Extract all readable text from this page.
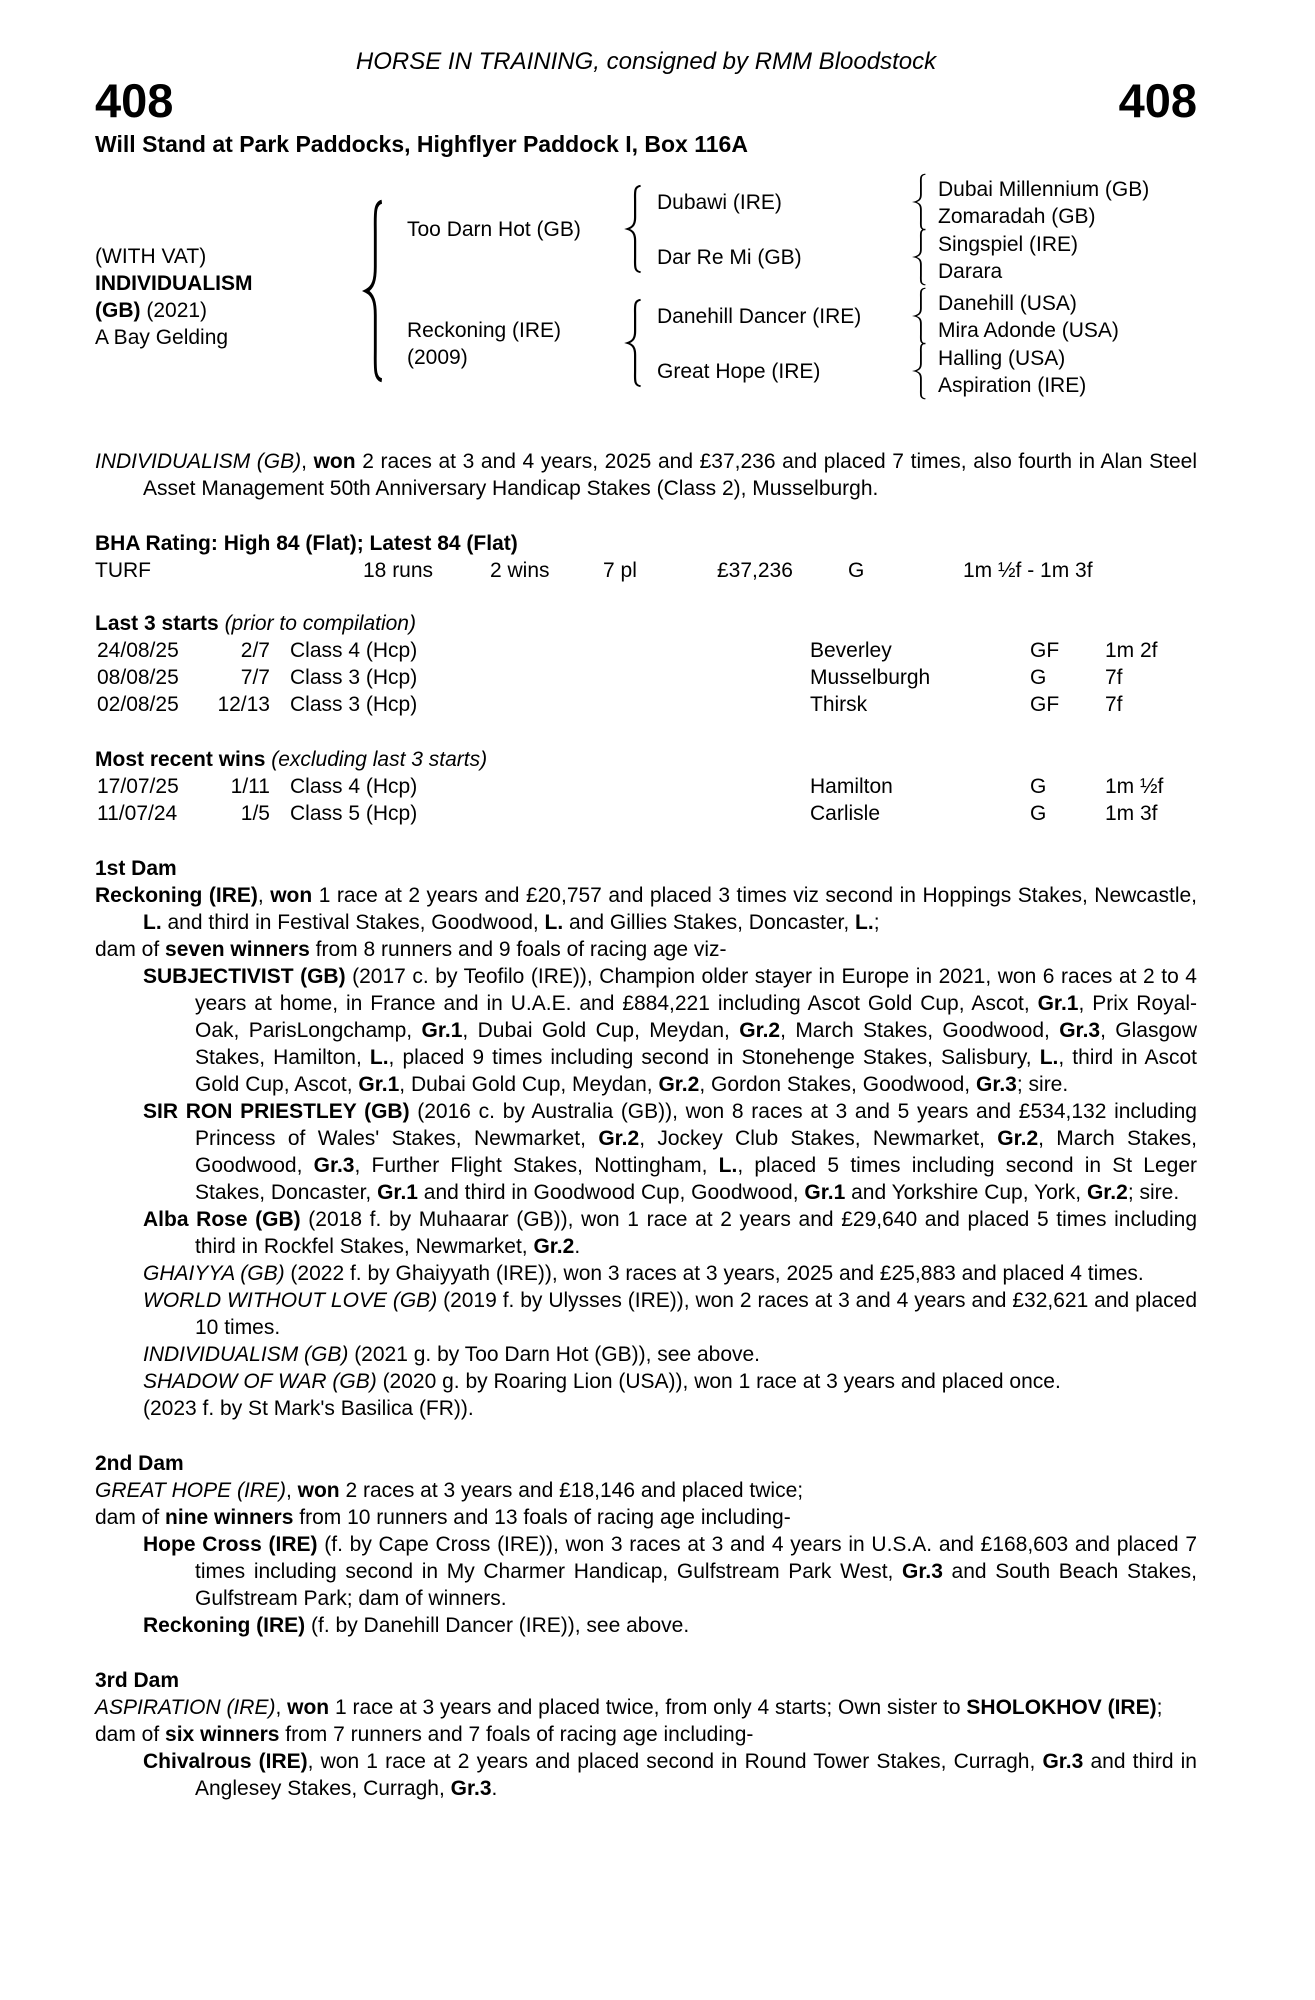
HORSE IN TRAINING, consigned by RMM Bloodstock
408	408
Will Stand at Park Paddocks, Highflyer Paddock I, Box 116A
(WITH VAT)
INDIVIDUALISM
(GB) (2021)
A Bay Gelding
Too Darn Hot (GB)
Reckoning (IRE)
(2009)
Dubawi (IRE)
Dar Re Mi (GB)
Danehill Dancer (IRE)
Great Hope (IRE)
Dubai Millennium (GB)
Zomaradah (GB)
Singspiel (IRE)
Darara
Danehill (USA)
Mira Adonde (USA)
Halling (USA)
Aspiration (IRE)
INDIVIDUALISM (GB), won 2 races at 3 and 4 years, 2025 and £37,236 and placed 7 times, also fourth in Alan Steel Asset Management 50th Anniversary Handicap Stakes (Class 2), Musselburgh.
BHA Rating: High 84 (Flat); Latest 84 (Flat)
TURF	18 runs	2 wins	7 pl	£37,236	G	1m ½f - 1m 3f
Last 3 starts (prior to compilation)
24/08/25	2/7 Class 4 (Hcp)	Beverley	GF 1m 2f
08/08/25	7/7 Class 3 (Hcp)	Musselburgh	G	7f
02/08/25	12/13 Class 3 (Hcp)	Thirsk	GF 7f
Most recent wins (excluding last 3 starts)
17/07/25	1/11 Class 4 (Hcp)	Hamilton	G	1m ½f
11/07/24	1/5 Class 5 (Hcp)	Carlisle	G	1m 3f
1st Dam
Reckoning (IRE), won 1 race at 2 years and £20,757 and placed 3 times viz second in Hoppings Stakes, Newcastle, L. and third in Festival Stakes, Goodwood, L. and Gillies Stakes, Doncaster, L.;
dam of seven winners from 8 runners and 9 foals of racing age viz-
SUBJECTIVIST (GB) (2017 c. by Teofilo (IRE)), Champion older stayer in Europe in 2021, won 6 races at 2 to 4 years at home, in France and in U.A.E. and £884,221 including Ascot Gold Cup, Ascot, Gr.1, Prix Royal-Oak, ParisLongchamp, Gr.1, Dubai Gold Cup, Meydan, Gr.2, March Stakes, Goodwood, Gr.3, Glasgow Stakes, Hamilton, L., placed 9 times including second in Stonehenge Stakes, Salisbury, L., third in Ascot Gold Cup, Ascot, Gr.1, Dubai Gold Cup, Meydan, Gr.2, Gordon Stakes, Goodwood, Gr.3; sire.
SIR RON PRIESTLEY (GB) (2016 c. by Australia (GB)), won 8 races at 3 and 5 years and £534,132 including Princess of Wales' Stakes, Newmarket, Gr.2, Jockey Club Stakes, Newmarket, Gr.2, March Stakes, Goodwood, Gr.3, Further Flight Stakes, Nottingham, L., placed 5 times including second in St Leger Stakes, Doncaster, Gr.1 and third in Goodwood Cup, Goodwood, Gr.1 and Yorkshire Cup, York, Gr.2; sire.
Alba Rose (GB) (2018 f. by Muhaarar (GB)), won 1 race at 2 years and £29,640 and placed 5 times including third in Rockfel Stakes, Newmarket, Gr.2.
GHAIYYA (GB) (2022 f. by Ghaiyyath (IRE)), won 3 races at 3 years, 2025 and £25,883 and placed 4 times.
WORLD WITHOUT LOVE (GB) (2019 f. by Ulysses (IRE)), won 2 races at 3 and 4 years and £32,621 and placed 10 times.
INDIVIDUALISM (GB) (2021 g. by Too Darn Hot (GB)), see above.
SHADOW OF WAR (GB) (2020 g. by Roaring Lion (USA)), won 1 race at 3 years and placed once.
(2023 f. by St Mark's Basilica (FR)).
2nd Dam
GREAT HOPE (IRE), won 2 races at 3 years and £18,146 and placed twice;
dam of nine winners from 10 runners and 13 foals of racing age including-
Hope Cross (IRE) (f. by Cape Cross (IRE)), won 3 races at 3 and 4 years in U.S.A. and £168,603 and placed 7 times including second in My Charmer Handicap, Gulfstream Park West, Gr.3 and South Beach Stakes, Gulfstream Park; dam of winners.
Reckoning (IRE) (f. by Danehill Dancer (IRE)), see above.
3rd Dam
ASPIRATION (IRE), won 1 race at 3 years and placed twice, from only 4 starts; Own sister to SHOLOKHOV (IRE);
dam of six winners from 7 runners and 7 foals of racing age including-
Chivalrous (IRE), won 1 race at 2 years and placed second in Round Tower Stakes, Curragh, Gr.3 and third in Anglesey Stakes, Curragh, Gr.3.
